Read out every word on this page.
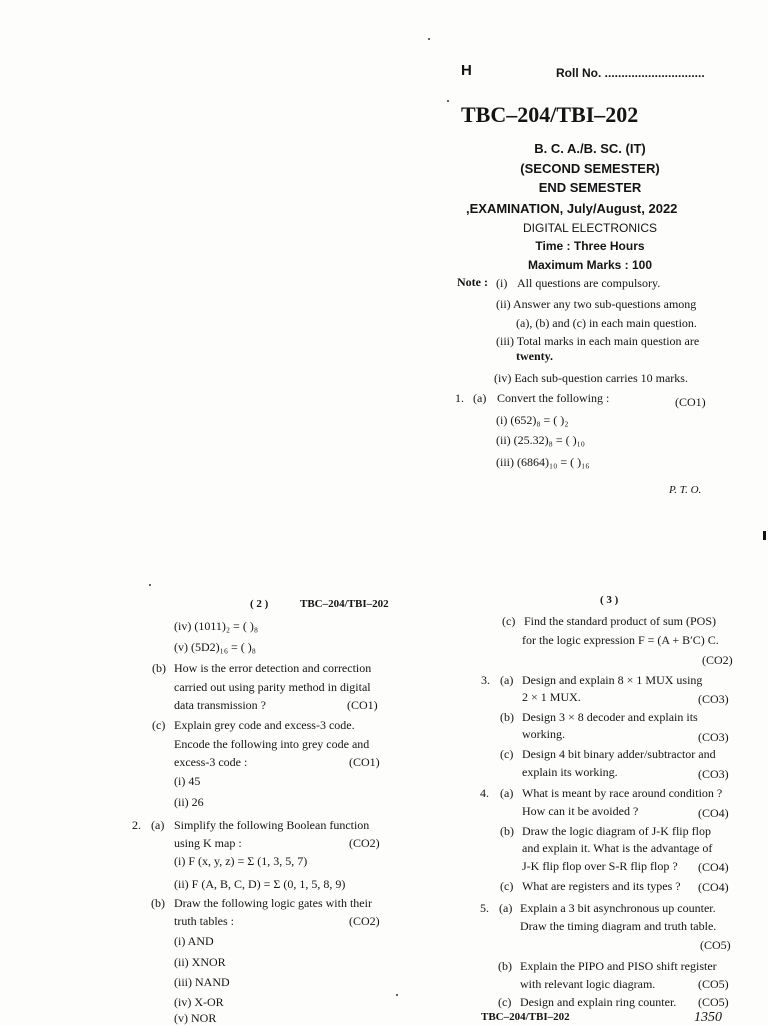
H	Roll No. ..............................
TBC–204/TBI–202
B. C. A./B. SC. (IT)
(SECOND SEMESTER)
END SEMESTER
,EXAMINATION, July/August, 2022
DIGITAL ELECTRONICS
Time : Three Hours
Maximum Marks : 100
Note : (i) All questions are compulsory.
(ii) Answer any two sub-questions among
(a), (b) and (c) in each main question.
(iii) Total marks in each main question are
twenty.
(iv) Each sub-question carries 10 marks.
1. (a) Convert the following :	(CO1)
(i) (652)₈ = ( )₂
(ii) (25.32)₈ = ( )₁₀
(iii) (6864)₁₀ = ( )₁₆
P. T. O.
( 2 )	TBC–204/TBI–202
(iv) (1011)₂ = ( )₈
(v) (5D2)₁₆ = ( )₈
(b) How is the error detection and correction
carried out using parity method in digital
data transmission ?	(CO1)
(c) Explain grey code and excess-3 code.
Encode the following into grey code and
excess-3 code :	(CO1)
(i) 45
(ii) 26
2. (a) Simplify the following Boolean function
using K map :	(CO2)
(i) F (x, y, z) = Σ (1, 3, 5, 7)
(ii) F (A, B, C, D) = Σ (0, 1, 5, 8, 9)
(b) Draw the following logic gates with their
truth tables :	(CO2)
(i) AND
(ii) XNOR
(iii) NAND
(iv) X-OR
(v) NOR
( 3 )
(c) Find the standard product of sum (POS)
for the logic expression F = (A + B′C) C.
(CO2)
3. (a) Design and explain 8 × 1 MUX using
2 × 1 MUX.	(CO3)
(b) Design 3 × 8 decoder and explain its
working.	(CO3)
(c) Design 4 bit binary adder/subtractor and
explain its working.	(CO3)
4. (a) What is meant by race around condition ?
How can it be avoided ?	(CO4)
(b) Draw the logic diagram of J-K flip flop
and explain it. What is the advantage of
J-K flip flop over S-R flip flop ? (CO4)
(c) What are registers and its types ? (CO4)
5. (a) Explain a 3 bit asynchronous up counter.
Draw the timing diagram and truth table.
(CO5)
(b) Explain the PIPO and PISO shift register
with relevant logic diagram.	(CO5)
(c) Design and explain ring counter. (CO5)
TBC–204/TBI–202	1350
